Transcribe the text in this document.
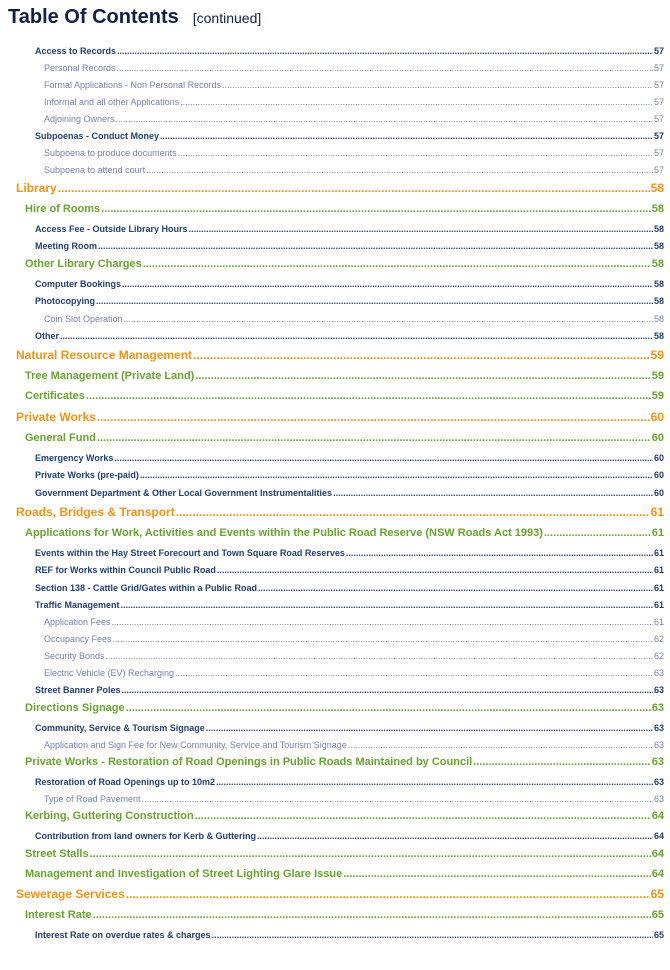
Table Of Contents [continued]
Access to Records .....	57
Personal Records .....	57
Formal Applications - Non Personal Records .....	57
Informal and all other Applications .....	57
Adjoining Owners .....	57
Subpoenas - Conduct Money .....	57
Subpoena to produce documents .....	57
Subpoena to attend court .....	57
Library .....	58
Hire of Rooms .....	58
Access Fee - Outside Library Hours .....	58
Meeting Room .....	58
Other Library Charges .....	58
Computer Bookings .....	58
Photocopying .....	58
Coin Slot Operation .....	58
Other .....	58
Natural Resource Management .....	59
Tree Management (Private Land) .....	59
Certificates .....	59
Private Works .....	60
General Fund .....	60
Emergency Works .....	60
Private Works (pre-paid) .....	60
Government Department & Other Local Government Instrumentalities .....	60
Roads, Bridges & Transport .....	61
Applications for Work, Activities and Events within the Public Road Reserve (NSW Roads Act 1993) .....	61
Events within the Hay Street Forecourt and Town Square Road Reserves .....	61
REF for Works within Council Public Road .....	61
Section 138 - Cattle Grid/Gates within a Public Road .....	61
Traffic Management .....	61
Application Fees .....	61
Occupancy Fees .....	62
Security Bonds .....	62
Electric Vehicle (EV) Recharging .....	63
Street Banner Poles .....	63
Directions Signage .....	63
Community, Service & Tourism Signage .....	63
Application and Sign Fee for New Community, Service and Tourism Signage .....	63
Private Works - Restoration of Road Openings in Public Roads Maintained by Council .....	63
Restoration of Road Openings up to 10m2 .....	63
Type of Road Pavement .....	63
Kerbing, Guttering Construction .....	64
Contribution from land owners for Kerb & Guttering .....	64
Street Stalls .....	64
Management and Investigation of Street Lighting Glare Issue .....	64
Sewerage Services .....	65
Interest Rate .....	65
Interest Rate on overdue rates & charges .....	65
